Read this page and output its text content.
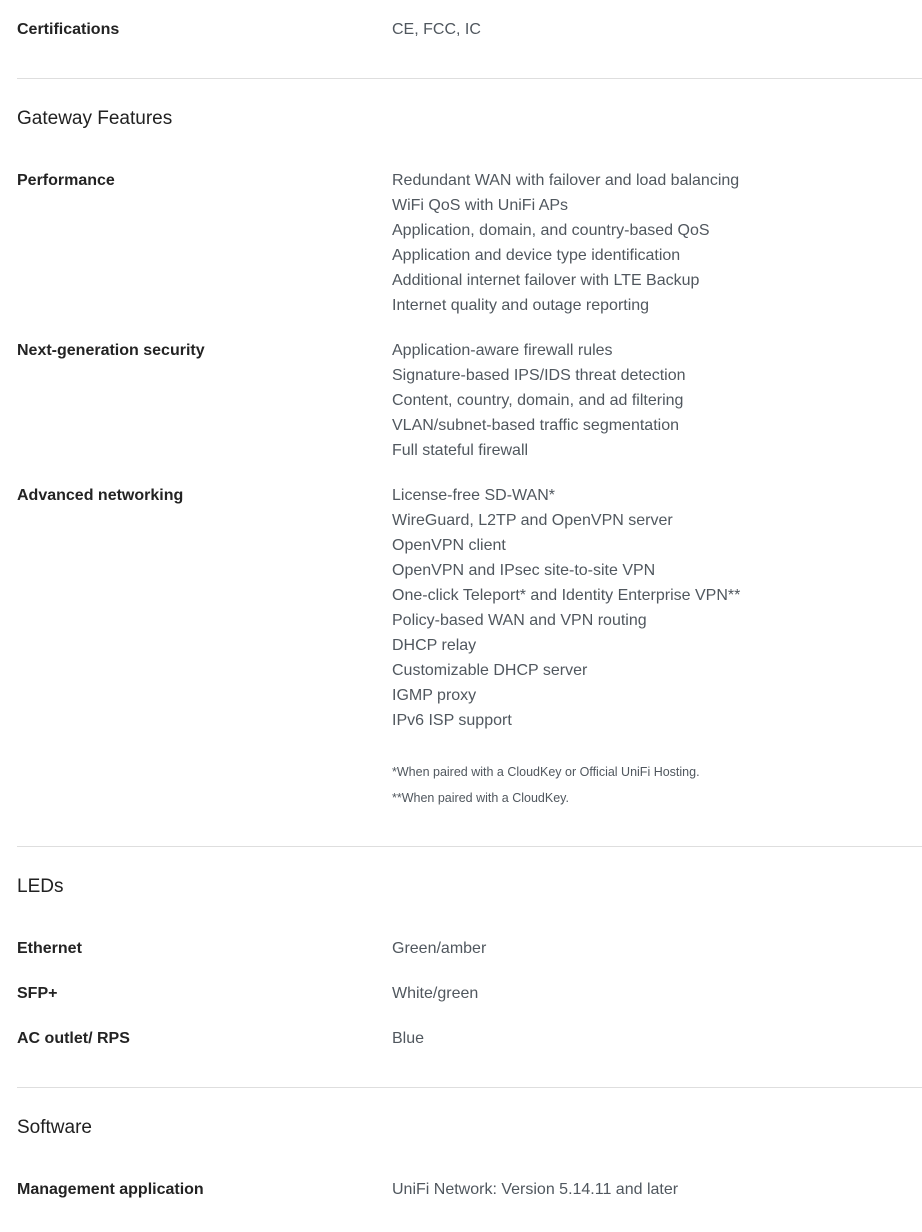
Certifications	CE, FCC, IC
Gateway Features
Performance	Redundant WAN with failover and load balancing
WiFi QoS with UniFi APs
Application, domain, and country-based QoS
Application and device type identification
Additional internet failover with LTE Backup
Internet quality and outage reporting
Next-generation security	Application-aware firewall rules
Signature-based IPS/IDS threat detection
Content, country, domain, and ad filtering
VLAN/subnet-based traffic segmentation
Full stateful firewall
Advanced networking	License-free SD-WAN*
WireGuard, L2TP and OpenVPN server
OpenVPN client
OpenVPN and IPsec site-to-site VPN
One-click Teleport* and Identity Enterprise VPN**
Policy-based WAN and VPN routing
DHCP relay
Customizable DHCP server
IGMP proxy
IPv6 ISP support
*When paired with a CloudKey or Official UniFi Hosting.
**When paired with a CloudKey.
LEDs
Ethernet	Green/amber
SFP+	White/green
AC outlet/ RPS	Blue
Software
Management application	UniFi Network: Version 5.14.11 and later
